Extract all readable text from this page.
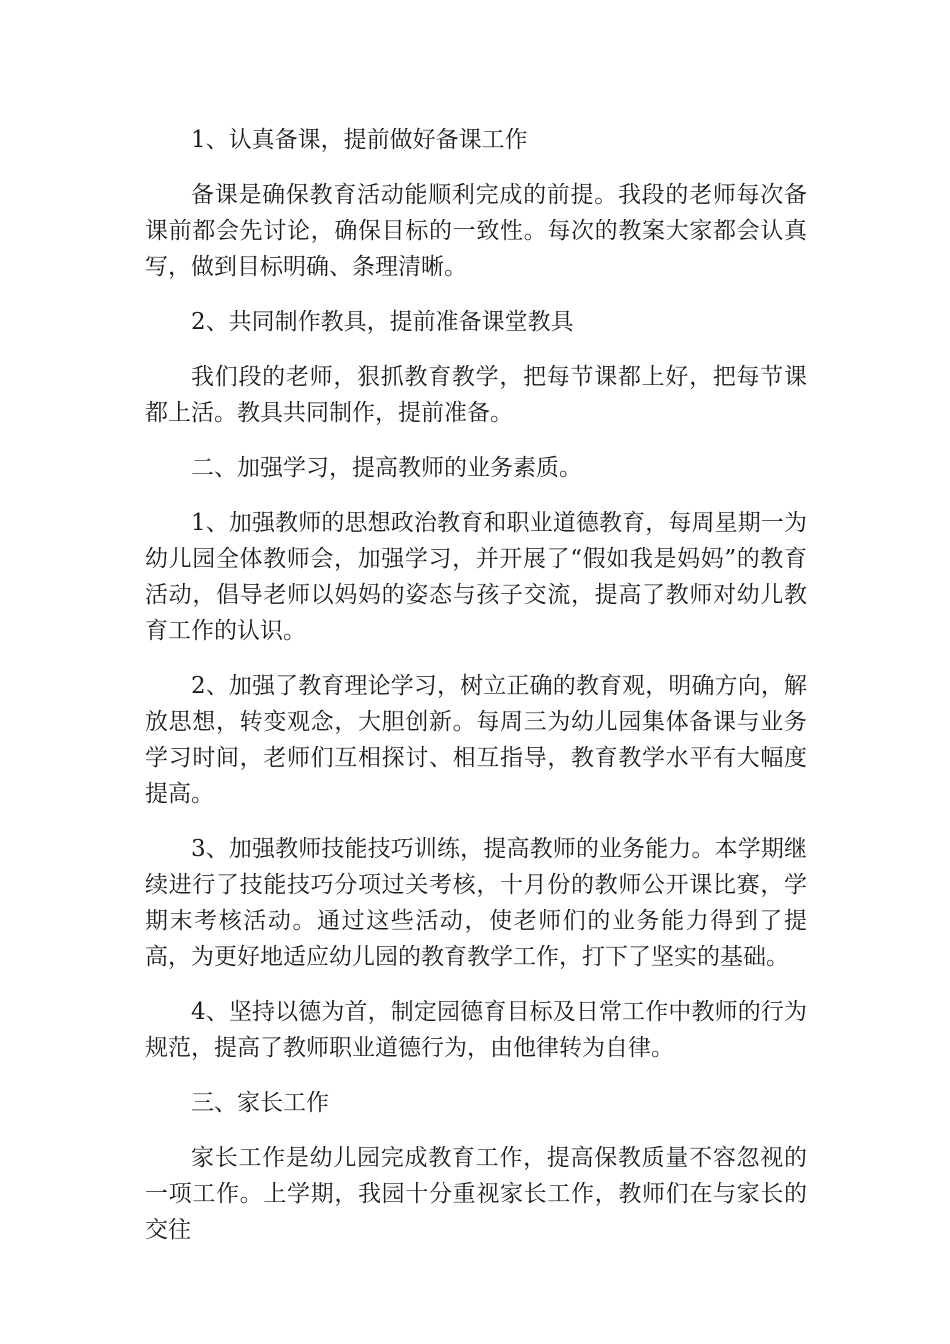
1、认真备课，提前做好备课工作

备课是确保教育活动能顺利完成的前提。我段的老师每次备课前都会先讨论，确保目标的一致性。每次的教案大家都会认真写，做到目标明确、条理清晰。

2、共同制作教具，提前准备课堂教具

我们段的老师，狠抓教育教学，把每节课都上好，把每节课都上活。教具共同制作，提前准备。

二、加强学习，提高教师的业务素质。

1、加强教师的思想政治教育和职业道德教育，每周星期一为幼儿园全体教师会，加强学习，并开展了“假如我是妈妈”的教育活动，倡导老师以妈妈的姿态与孩子交流，提高了教师对幼儿教育工作的认识。

2、加强了教育理论学习，树立正确的教育观，明确方向，解放思想，转变观念，大胆创新。每周三为幼儿园集体备课与业务学习时间，老师们互相探讨、相互指导，教育教学水平有大幅度提高。

3、加强教师技能技巧训练，提高教师的业务能力。本学期继续进行了技能技巧分项过关考核，十月份的教师公开课比赛，学期末考核活动。通过这些活动，使老师们的业务能力得到了提高，为更好地适应幼儿园的教育教学工作，打下了坚实的基础。

4、坚持以德为首，制定园德育目标及日常工作中教师的行为规范，提高了教师职业道德行为，由他律转为自律。

三、家长工作

家长工作是幼儿园完成教育工作，提高保教质量不容忽视的一项工作。上学期，我园十分重视家长工作，教师们在与家长的交往
